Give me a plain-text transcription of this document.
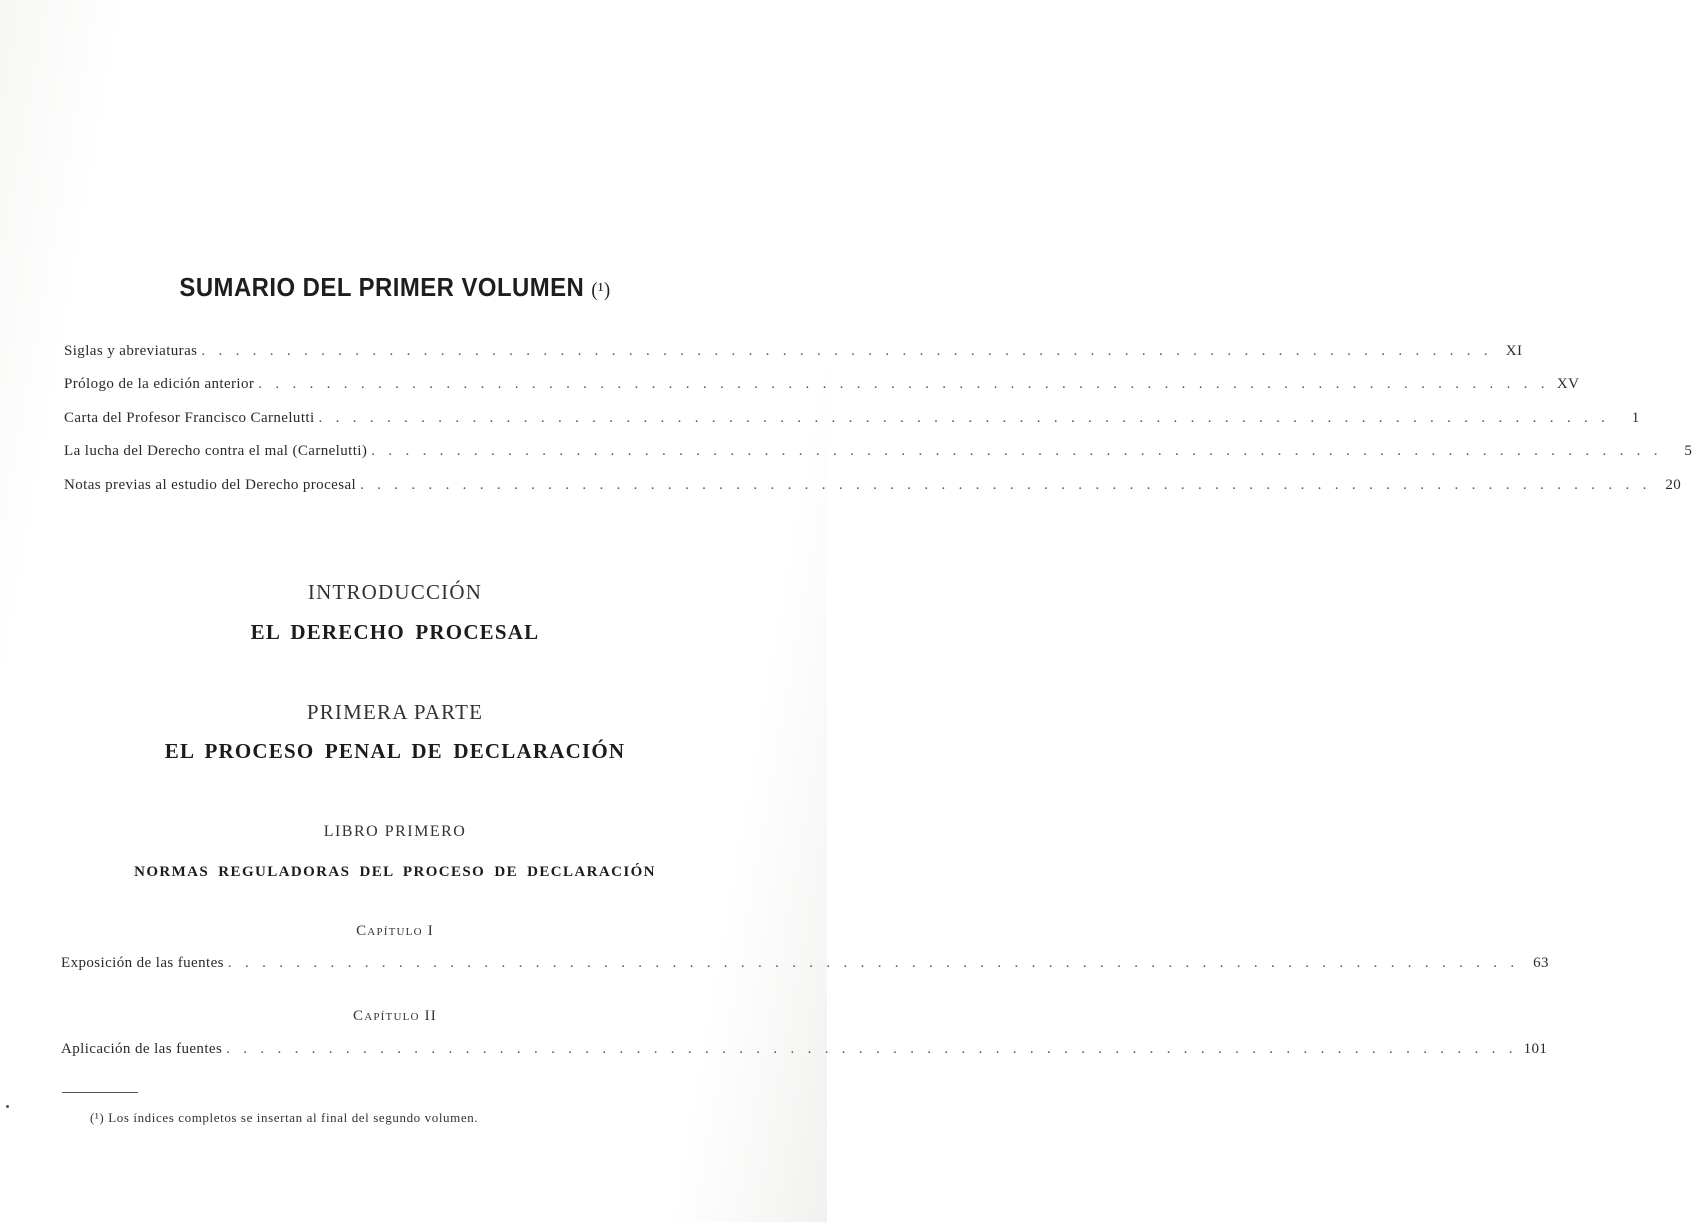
SUMARIO DEL PRIMER VOLUMEN (¹)
Siglas y abreviaturas . . . . . . . . . . . . . . . . . . . . . . . . . . . . . . . . . . . . . . . . . . . . . . . . . . . . . . . . . . . . . . . . . . . . . . . . . . . . XI
Prólogo de la edición anterior . . . . . . . . . . . . . . . . . . . . . . . . . . . . . . . . . . . . . . . . . . . . . . . . . . . . . . . . . . . . . . . . . . . . . . . . . . . . XV
Carta del Profesor Francisco Carnelutti . . . . . . . . . . . . . . . . . . . . . . . . . . . . . . . . . . . . . . . . . . . . . . . . . . . . . . . . . . . . . . . . . . . . . . . . . . . .	1
La lucha del Derecho contra el mal (Carnelutti) . . . . . . . . . . . . . . . . . . . . . . . . . . . . . . . . . . . . . . . . . . . . . . . . . . . . . . . . . . . . . . . . . . . . . . . . . . . .	5
Notas previas al estudio del Derecho procesal . . . . . . . . . . . . . . . . . . . . . . . . . . . . . . . . . . . . . . . . . . . . . . . . . . . . . . . . . . . . . . . . . . . . . . . . . . . . 20
INTRODUCCIÓN
EL DERECHO PROCESAL
PRIMERA PARTE
EL PROCESO PENAL DE DECLARACIÓN
LIBRO PRIMERO
NORMAS REGULADORAS DEL PROCESO DE DECLARACIÓN
Capítulo I
Exposición de las fuentes . . . . . . . . . . . . . . . . . . . . . . . . . . . . . . . . . . . . . . . . . . . . . . . . . . . . . . . . . . . . . . . . . . . . . . . . . . . . 63
Capítulo II
Aplicación de las fuentes . . . . . . . . . . . . . . . . . . . . . . . . . . . . . . . . . . . . . . . . . . . . . . . . . . . . . . . . . . . . . . . . . . . . . . . . . . . . 101
(¹) Los índices completos se insertan al final del segundo volumen.
